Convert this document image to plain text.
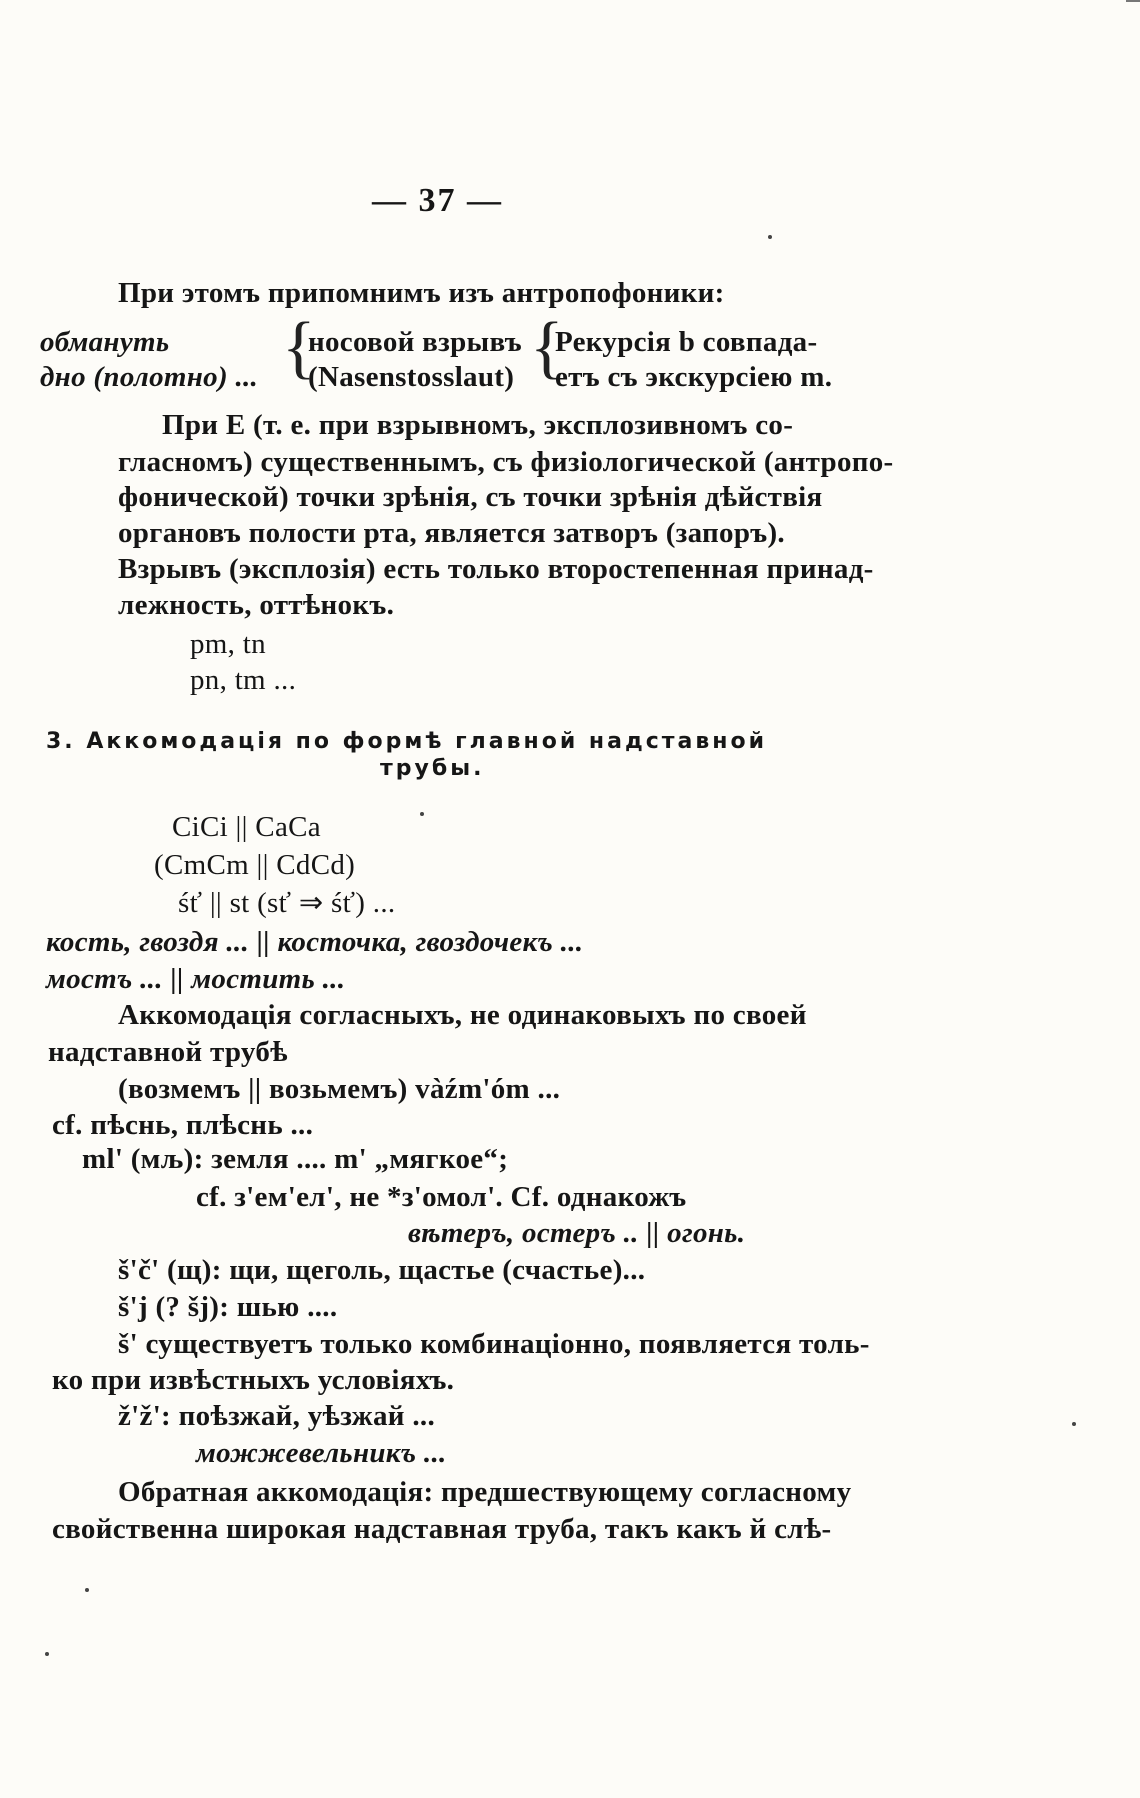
— 37 —
При этомъ припомнимъ изъ антропофоники:
обмануть {
носовой взрывъ {
Рекурсія b совпада-
дно (полотно) ... (Nasenstosslaut) етъ съ экскурсіею m.
При E (т. е. при взрывномъ, эксплозивномъ со-
гласномъ) существеннымъ, съ физіологической (антропо-
фонической) точки зрѣнія, съ точки зрѣнія дѣйствія
органовъ полости рта, является затворъ (запоръ).
Взрывъ (эксплозія) есть только второстепенная принад-
лежность, оттѣнокъ.
pm, tn
pn, tm ...
3. Аккомодація по формѣ главной надставной
трубы.
CiCi || CaCa
(CmCm || CdCd)
śť || st (sť ⇒ śť) ...
кость, гвоздя ... || косточка, гвоздочекъ ...
мостъ ... || мостить ...
Аккомодація согласныхъ, не одинаковыхъ по своей
надставной трубѣ
(возмемъ || возьмемъ) vàźm'óm ...
cf. пѣснь, плѣснь ...
ml' (мљ): земля .... m' „мягкое“;
cf. з'ем'ел', не *з'омол'. Cf. однакожъ
вѣтеръ, остеръ .. || огонь.
š'č' (щ): щи, щеголь, щастье (счастье)...
š'j (? šj): шью ....
š' существуетъ только комбинаціонно, появляется толь-
ко при извѣстныхъ условіяхъ.
ž'ž': поѣзжай, уѣзжай ...
можжевельникъ ...
Обратная аккомодація: предшествующему согласному
свойственна широкая надставная труба, такъ какъ й слѣ-
